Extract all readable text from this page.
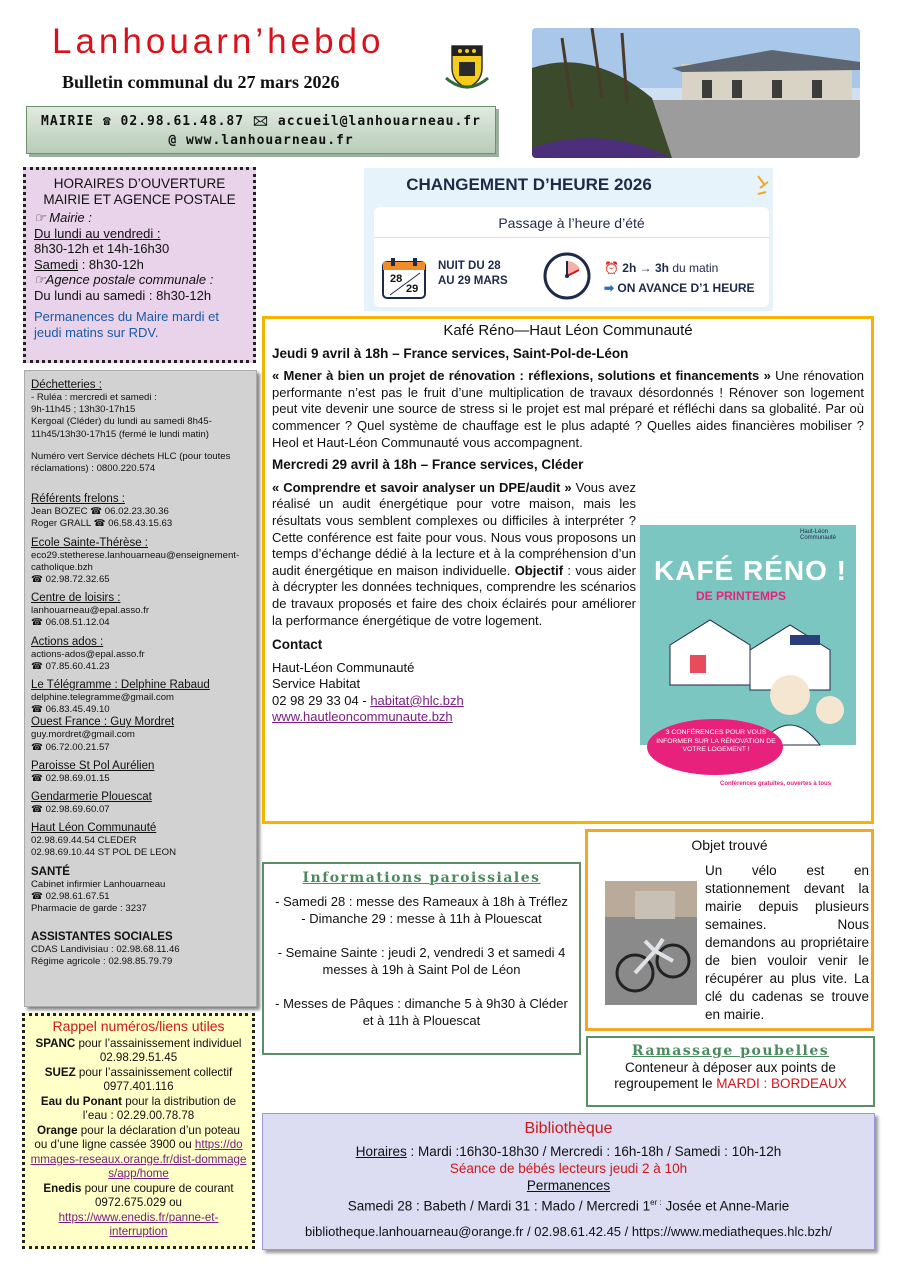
Lanhouarn’hebdo
Bulletin communal du 27 mars 2026
MAIRIE ☎ 02.98.61.48.87 🖂 accueil@lanhouarneau.fr
@ www.lanhouarneau.fr
HORAIRES D’OUVERTURE
MAIRIE ET AGENCE POSTALE
☞ Mairie :
Du lundi au vendredi :
8h30-12h et 14h-16h30
Samedi : 8h30-12h
☞Agence postale communale :
Du lundi au samedi : 8h30-12h
Permanences du Maire mardi et jeudi matins sur RDV.
Déchetteries :
- Ruléa : mercredi et samedi :
9h-11h45 ; 13h30-17h15
Kergoal (Cléder) du lundi au samedi 8h45-11h45/13h30-17h15 (fermé le lundi matin)
Numéro vert Service déchets HLC (pour toutes réclamations) : 0800.220.574
Référents frelons :
Jean BOZEC ☎ 06.02.23.30.36
Roger GRALL ☎ 06.58.43.15.63
Ecole Sainte-Thérèse :
eco29.stetherese.lanhouarneau@enseignement-catholique.bzh
☎ 02.98.72.32.65
Centre de loisirs :
lanhouarneau@epal.asso.fr
☎ 06.08.51.12.04
Actions ados :
actions-ados@epal.asso.fr
☎ 07.85.60.41.23
Le Télégramme : Delphine Rabaud
delphine.telegramme@gmail.com
☎ 06.83.45.49.10
Ouest France : Guy Mordret
guy.mordret@gmail.com
☎ 06.72.00.21.57
Paroisse St Pol Aurélien
☎ 02.98.69.01.15
Gendarmerie Plouescat
☎ 02.98.69.60.07
Haut Léon Communauté
02.98.69.44.54 CLEDER
02.98.69.10.44 ST POL DE LEON
SANTÉ
Cabinet infirmier Lanhouarneau
☎ 02.98.61.67.51
Pharmacie de garde : 3237
ASSISTANTES SOCIALES
CDAS Landivisiau : 02.98.68.11.46
Régime agricole : 02.98.85.79.79
Rappel numéros/liens utiles
SPANC pour l’assainissement individuel 02.98.29.51.45
SUEZ pour l’assainissement collectif 0977.401.116
Eau du Ponant pour la distribution de l’eau : 02.29.00.78.78
Orange pour la déclaration d’un poteau ou d’une ligne cassée 3900 ou https://dommages-reseaux.orange.fr/dist-dommages/app/home
Enedis pour une coupure de courant 0972.675.029 ou https://www.enedis.fr/panne-et-interruption
CHANGEMENT D’HEURE 2026
Passage à l’heure d’été
28
29
NUIT DU 28
AU 29 MARS
⏰ 2h → 3h du matin
➡ ON AVANCE D’1 HEURE
Kafé Réno—Haut Léon Communauté
Jeudi 9 avril à 18h – France services, Saint-Pol-de-Léon

« Mener à bien un projet de rénovation : réflexions, solutions et financements » Une rénovation performante n’est pas le fruit d’une multiplication de travaux désordonnés ! Rénover son logement peut vite devenir une source de stress si le projet est mal préparé et réfléchi dans sa globalité. Par où commencer ? Quel système de chauffage est le plus adapté ? Quelles aides financières mobiliser ? Heol et Haut-Léon Communauté vous accompagnent.

Mercredi 29 avril à 18h – France services, Cléder

« Comprendre et savoir analyser un DPE/audit » Vous avez réalisé un audit énergétique pour votre maison, mais les résultats vous semblent complexes ou difficiles à interpréter ? Cette conférence est faite pour vous. Nous vous proposons un temps d’échange dédié à la lecture et à la compréhension d’un audit énergétique en maison individuelle. Objectif : vous aider à décrypter les données techniques, comprendre les scénarios de travaux proposés et faire des choix éclairés pour améliorer la performance énergétique de votre logement.

Contact
Haut-Léon Communauté
Service Habitat
02 98 29 33 04 - habitat@hlc.bzh
www.hautleoncommunaute.bzh
Haut-Léon Communauté
KAFÉ RÉNO !
DE PRINTEMPS
3 CONFÉRENCES POUR VOUS INFORMER SUR LA RÉNOVATION DE VOTRE LOGEMENT !
Conférences gratuites, ouvertes à tous
Informations paroissiales
- Samedi 28 : messe des Rameaux à 18h à Tréflez
- Dimanche 29 : messe à 11h à Plouescat
- Semaine Sainte : jeudi 2, vendredi 3 et samedi 4 messes à 19h à Saint Pol de Léon
- Messes de Pâques : dimanche 5 à 9h30 à Cléder et à 11h à Plouescat
Objet trouvé
Un vélo est en stationnement devant la mairie depuis plusieurs semaines. Nous demandons au propriétaire de bien vouloir venir le récupérer au plus vite. La clé du cadenas se trouve en mairie.
Ramassage poubelles
Conteneur à déposer aux points de regroupement le MARDI : BORDEAUX
Bibliothèque
Horaires : Mardi :16h30-18h30 / Mercredi : 16h-18h / Samedi : 10h-12h
Séance de bébés lecteurs jeudi 2 à 10h
Permanences
Samedi 28 : Babeth / Mardi 31 : Mado / Mercredi $1^{er :}$ Josée et Anne-Marie
bibliotheque.lanhouarneau@orange.fr / 02.98.61.42.45 / https://www.mediatheques.hlc.bzh/
